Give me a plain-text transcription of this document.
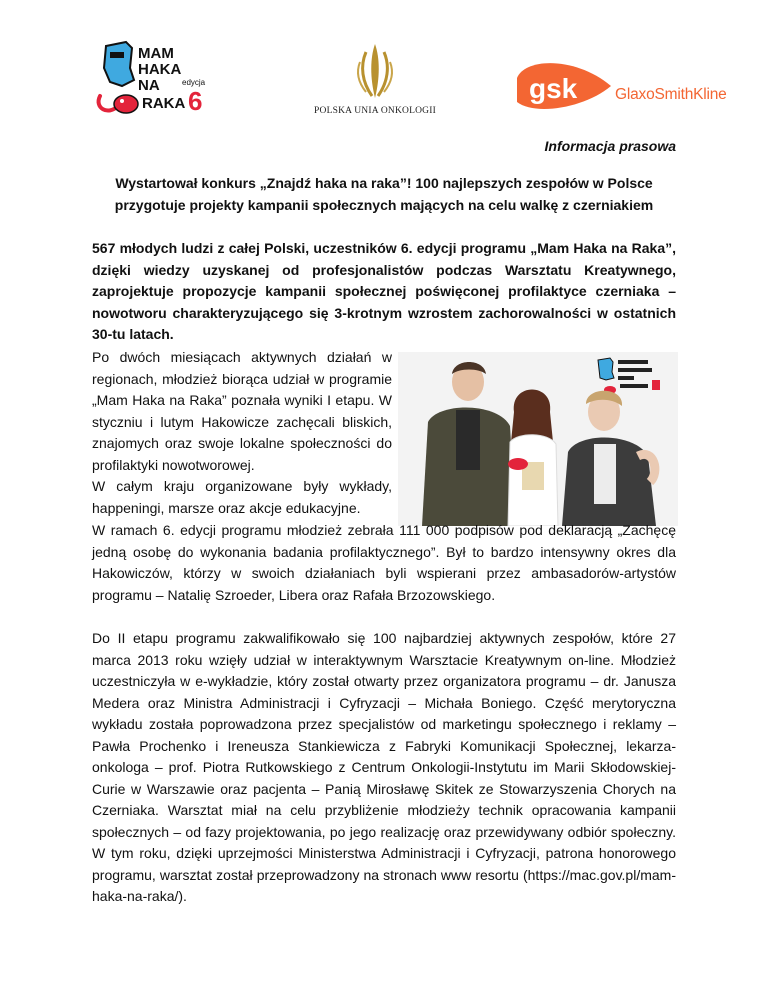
MAM
HAKA
NA
RAKA
edycja
6	POLSKA UNIA ONKOLOGII
gsk GlaxoSmithKline
Informacja prasowa
Wystartował konkurs „Znajdź haka na raka”! 100 najlepszych zespołów w Polsce
przygotuje projekty kampanii społecznych mających na celu walkę z czerniakiem
567 młodych ludzi z całej Polski, uczestników 6. edycji programu „Mam Haka na Raka”, dzięki wiedzy uzyskanej od profesjonalistów podczas Warsztatu Kreatywnego, zaprojektuje propozycje kampanii społecznej poświęconej profilaktyce czerniaka – nowotworu charakteryzującego się 3-krotnym wzrostem zachorowalności w ostatnich 30-tu latach.
Po dwóch miesiącach aktywnych działań w regionach, młodzież biorąca udział w programie „Mam Haka na Raka” poznała wyniki I etapu. W styczniu i lutym Hakowicze zachęcali bliskich, znajomych oraz swoje lokalne społeczności do profilaktyki nowotworowej.
W całym kraju organizowane były wykłady, happeningi, marsze oraz akcje edukacyjne.
W ramach 6. edycji programu młodzież zebrała 111 000 podpisów pod deklaracją „Zachęcę jedną osobę do wykonania badania profilaktycznego”. Był to bardzo intensywny okres dla Hakowiczów, którzy w swoich działaniach byli wspierani przez ambasadorów-artystów programu – Natalię Szroeder, Libera oraz Rafała Brzozowskiego.
Do II etapu programu zakwalifikowało się 100 najbardziej aktywnych zespołów, które 27 marca 2013 roku wzięły udział w interaktywnym Warsztacie Kreatywnym on-line. Młodzież uczestniczyła w e-wykładzie, który został otwarty przez organizatora programu – dr. Janusza Medera oraz Ministra Administracji i Cyfryzacji – Michała Boniego. Część merytoryczna wykładu została poprowadzona przez specjalistów od marketingu społecznego i reklamy – Pawła Prochenko i Ireneusza Stankiewicza z Fabryki Komunikacji Społecznej, lekarza-onkologa – prof. Piotra Rutkowskiego z Centrum Onkologii-Instytutu im Marii Skłodowskiej-Curie w Warszawie oraz pacjenta – Panią Mirosławę Skitek ze Stowarzyszenia Chorych na Czerniaka. Warsztat miał na celu przybliżenie młodzieży technik opracowania kampanii społecznych – od fazy projektowania, po jego realizację oraz przewidywany odbiór społeczny. W tym roku, dzięki uprzejmości Ministerstwa Administracji i Cyfryzacji, patrona honorowego programu, warsztat został przeprowadzony na stronach www resortu (https://mac.gov.pl/mam-haka-na-raka/).
